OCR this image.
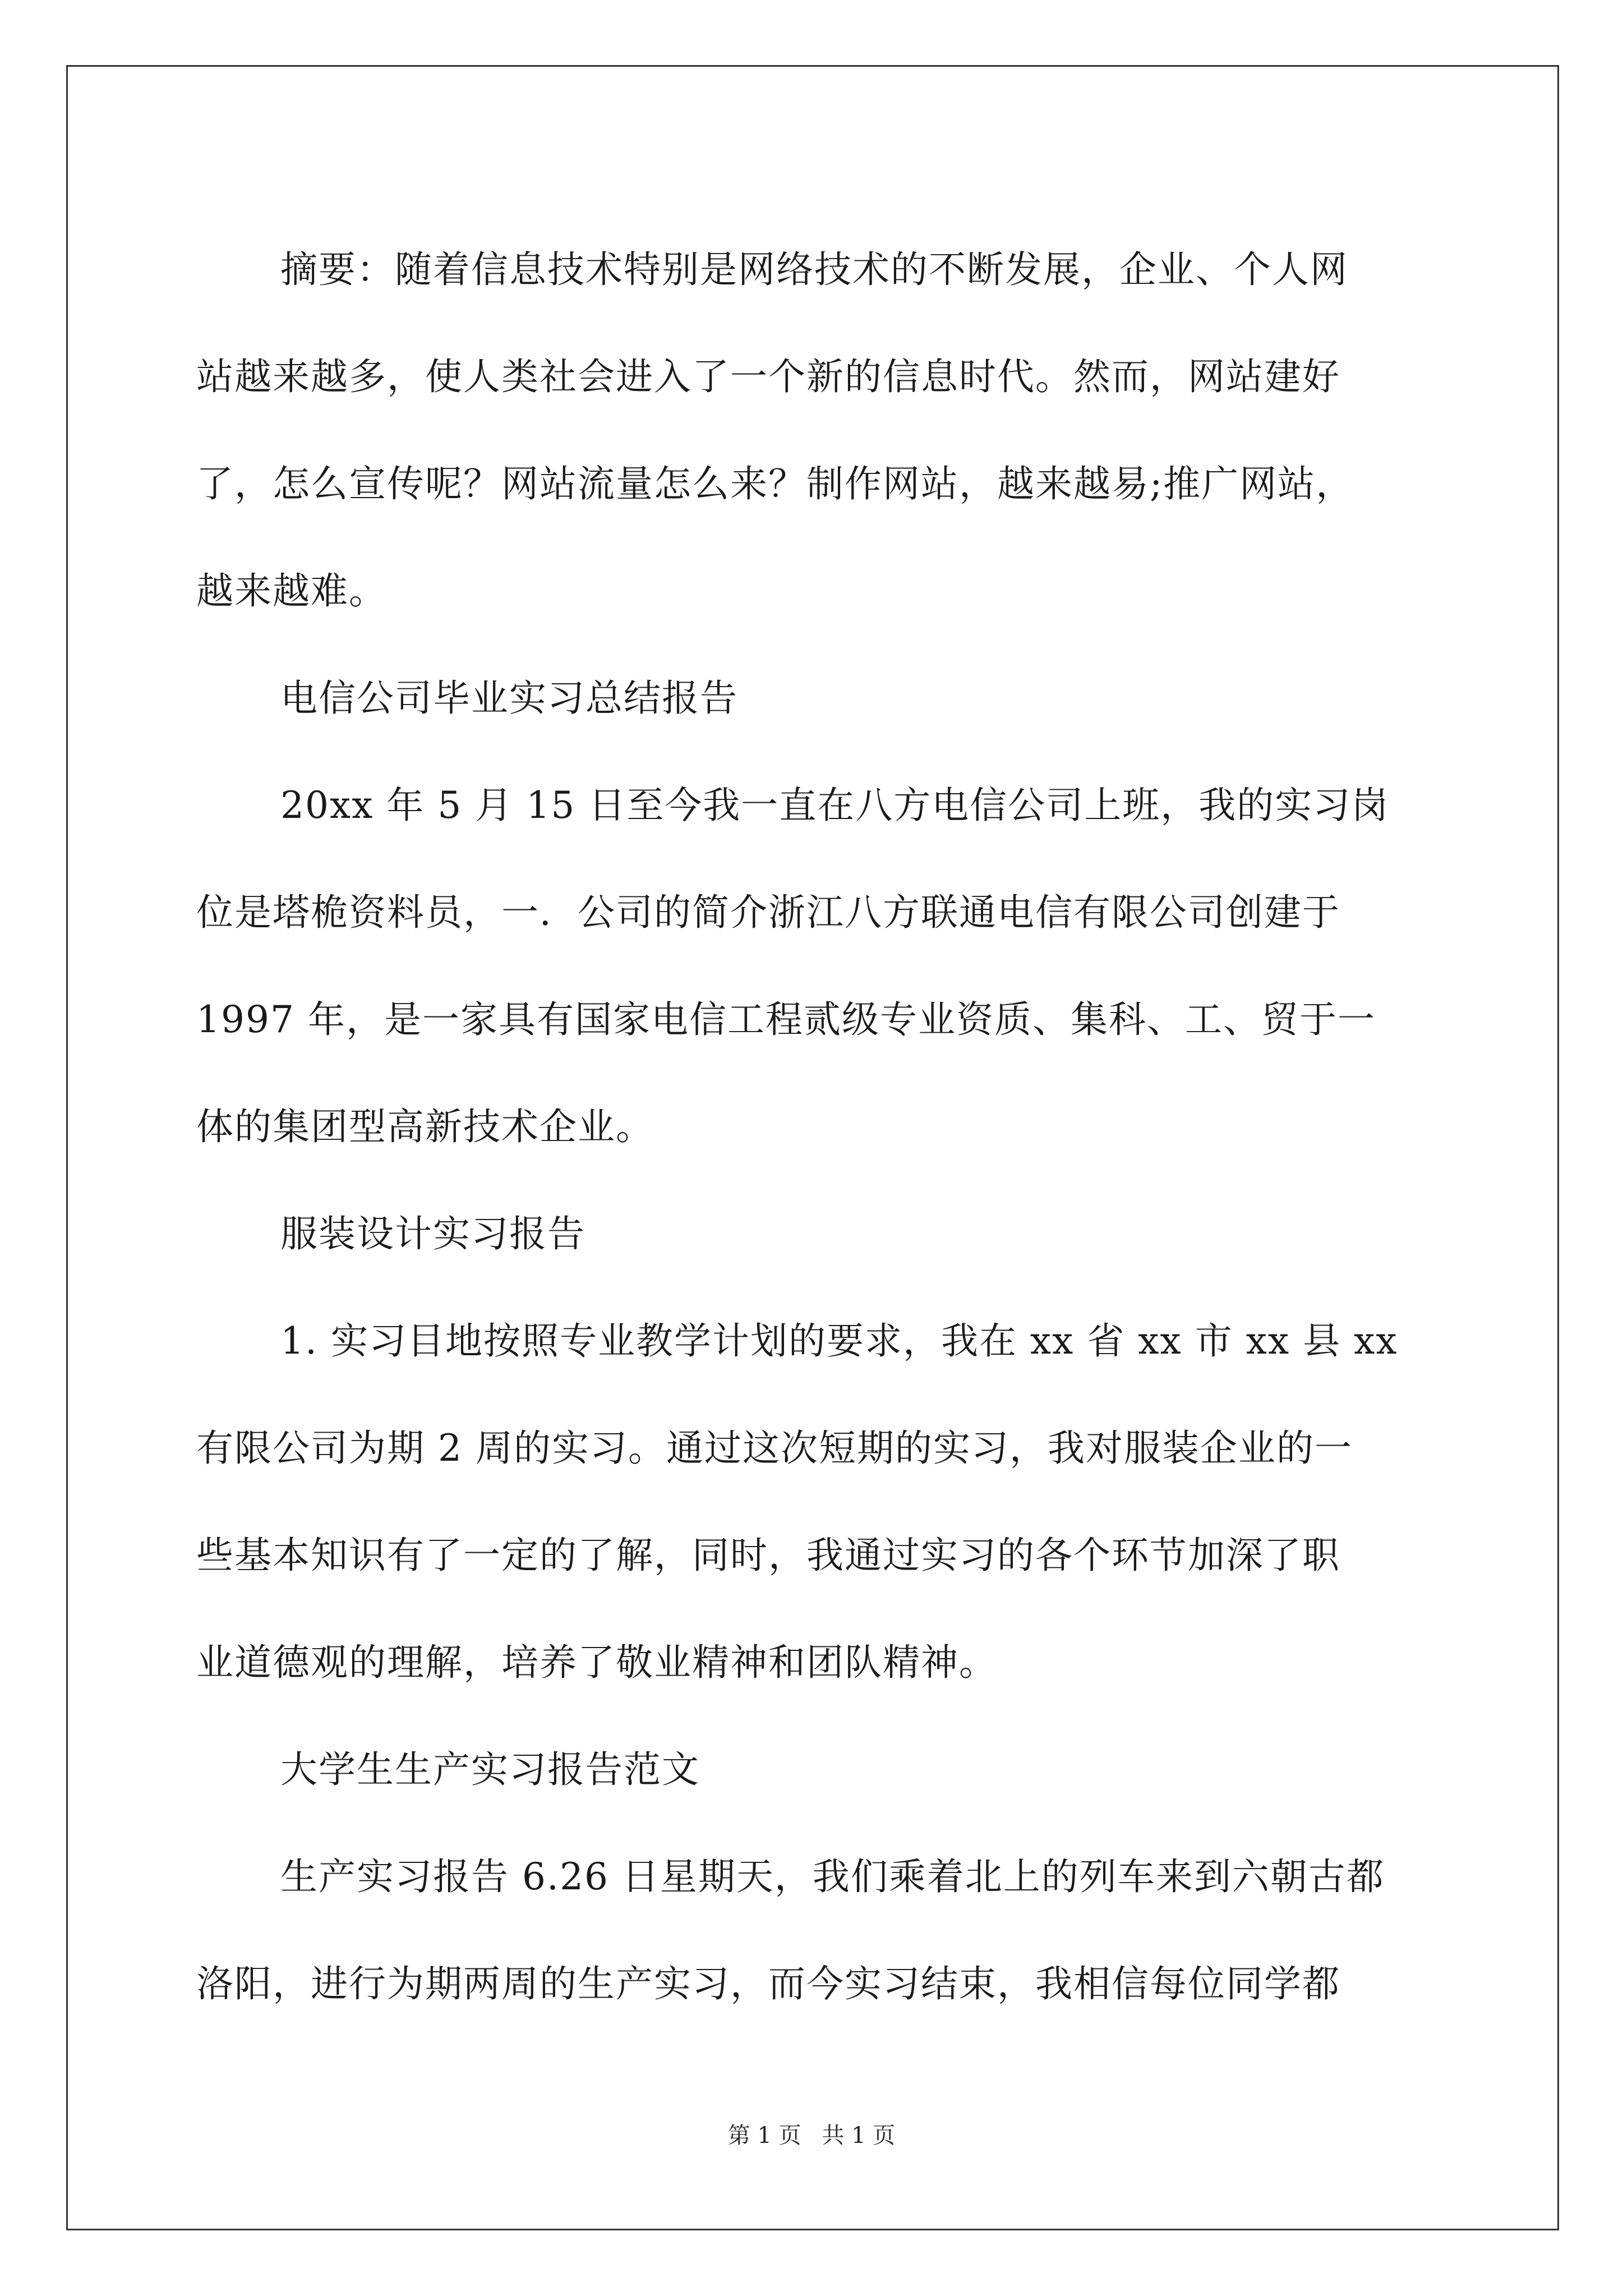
摘要：随着信息技术特别是网络技术的不断发展，企业、个人网

站越来越多，使人类社会进入了一个新的信息时代。然而，网站建好

了，怎么宣传呢？网站流量怎么来？制作网站，越来越易;推广网站，

越来越难。

电信公司毕业实习总结报告

20xx 年 5 月 15 日至今我一直在八方电信公司上班，我的实习岗

位是塔桅资料员，一．公司的简介浙江八方联通电信有限公司创建于

1997 年，是一家具有国家电信工程贰级专业资质、集科、工、贸于一

体的集团型高新技术企业。

服装设计实习报告

1. 实习目地按照专业教学计划的要求，我在 xx 省 xx 市 xx 县 xx

有限公司为期 2 周的实习。通过这次短期的实习，我对服装企业的一

些基本知识有了一定的了解，同时，我通过实习的各个环节加深了职

业道德观的理解，培养了敬业精神和团队精神。

大学生生产实习报告范文

生产实习报告 6.26 日星期天，我们乘着北上的列车来到六朝古都

洛阳，进行为期两周的生产实习，而今实习结束，我相信每位同学都

第 1 页 共 1 页
